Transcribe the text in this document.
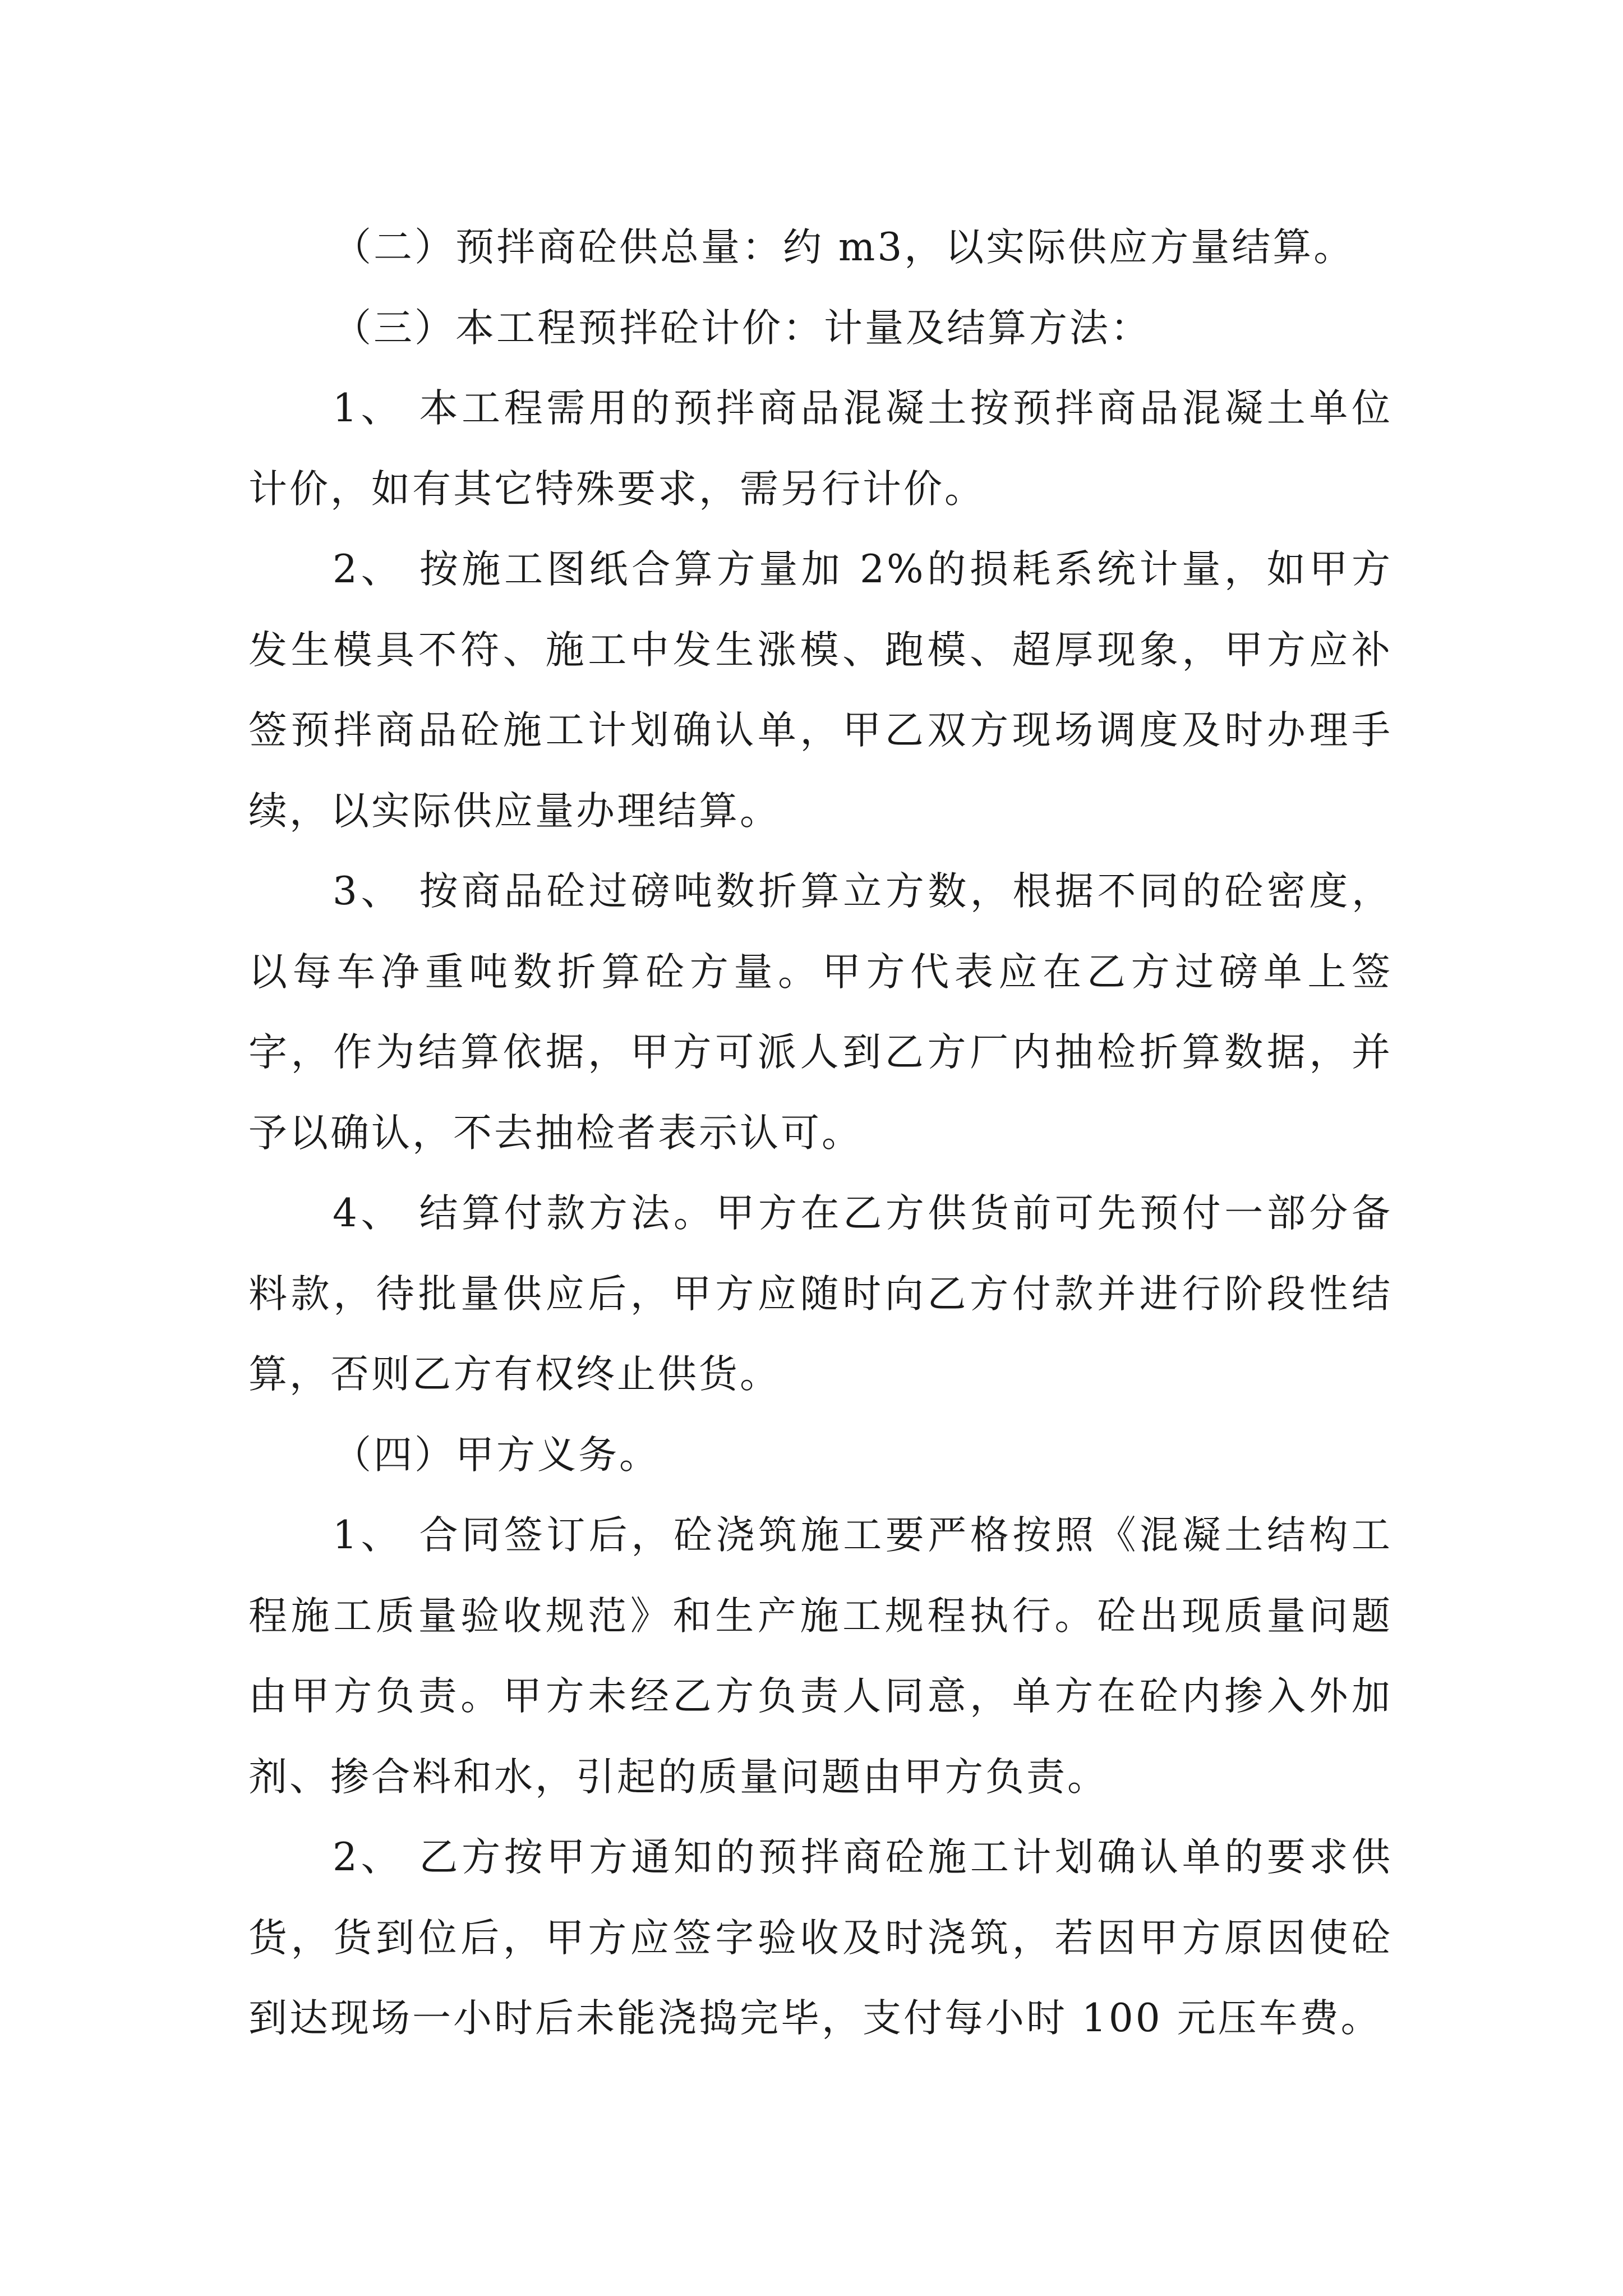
（二）预拌商砼供总量：约 m3，以实际供应方量结算。

（三）本工程预拌砼计价：计量及结算方法：

1、 本工程需用的预拌商品混凝土按预拌商品混凝土单位计价，如有其它特殊要求，需另行计价。

2、 按施工图纸合算方量加 2%的损耗系统计量，如甲方发生模具不符、施工中发生涨模、跑模、超厚现象，甲方应补签预拌商品砼施工计划确认单，甲乙双方现场调度及时办理手续，以实际供应量办理结算。

3、 按商品砼过磅吨数折算立方数，根据不同的砼密度，以每车净重吨数折算砼方量。甲方代表应在乙方过磅单上签字，作为结算依据，甲方可派人到乙方厂内抽检折算数据，并予以确认，不去抽检者表示认可。

4、 结算付款方法。甲方在乙方供货前可先预付一部分备料款，待批量供应后，甲方应随时向乙方付款并进行阶段性结算，否则乙方有权终止供货。

（四）甲方义务。

1、 合同签订后，砼浇筑施工要严格按照《混凝土结构工程施工质量验收规范》和生产施工规程执行。砼出现质量问题由甲方负责。甲方未经乙方负责人同意，单方在砼内掺入外加剂、掺合料和水，引起的质量问题由甲方负责。

2、 乙方按甲方通知的预拌商砼施工计划确认单的要求供货，货到位后，甲方应签字验收及时浇筑，若因甲方原因使砼到达现场一小时后未能浇捣完毕，支付每小时 100 元压车费。
